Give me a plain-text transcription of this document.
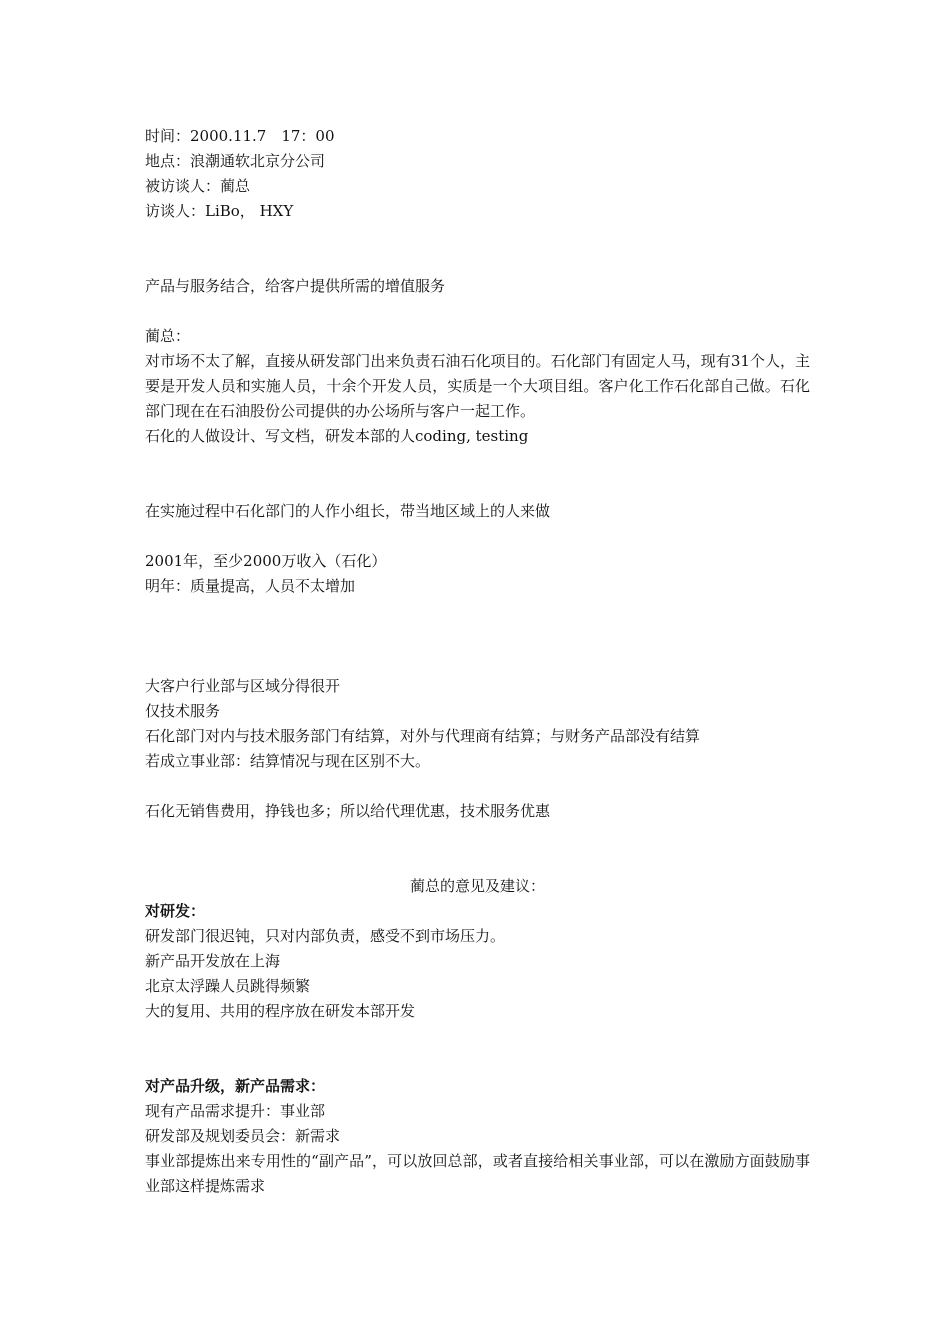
时间：2000.11.7　17：00
地点：浪潮通软北京分公司
被访谈人：蔺总
访谈人：LiBo， HXY
产品与服务结合，给客户提供所需的增值服务
蔺总：
对市场不太了解，直接从研发部门出来负责石油石化项目的。石化部门有固定人马，现有31个人，主要是开发人员和实施人员，十余个开发人员，实质是一个大项目组。客户化工作石化部自己做。石化部门现在在石油股份公司提供的办公场所与客户一起工作。
石化的人做设计、写文档，研发本部的人coding, testing
在实施过程中石化部门的人作小组长，带当地区域上的人来做
2001年，至少2000万收入（石化）
明年：质量提高，人员不太增加
大客户行业部与区域分得很开
仅技术服务
石化部门对内与技术服务部门有结算，对外与代理商有结算；与财务产品部没有结算
若成立事业部：结算情况与现在区别不大。
石化无销售费用，挣钱也多；所以给代理优惠，技术服务优惠
蔺总的意见及建议：
对研发：
研发部门很迟钝，只对内部负责，感受不到市场压力。
新产品开发放在上海
北京太浮躁人员跳得频繁
大的复用、共用的程序放在研发本部开发
对产品升级，新产品需求：
现有产品需求提升：事业部
研发部及规划委员会：新需求
事业部提炼出来专用性的“副产品”，可以放回总部，或者直接给相关事业部，可以在激励方面鼓励事业部这样提炼需求
